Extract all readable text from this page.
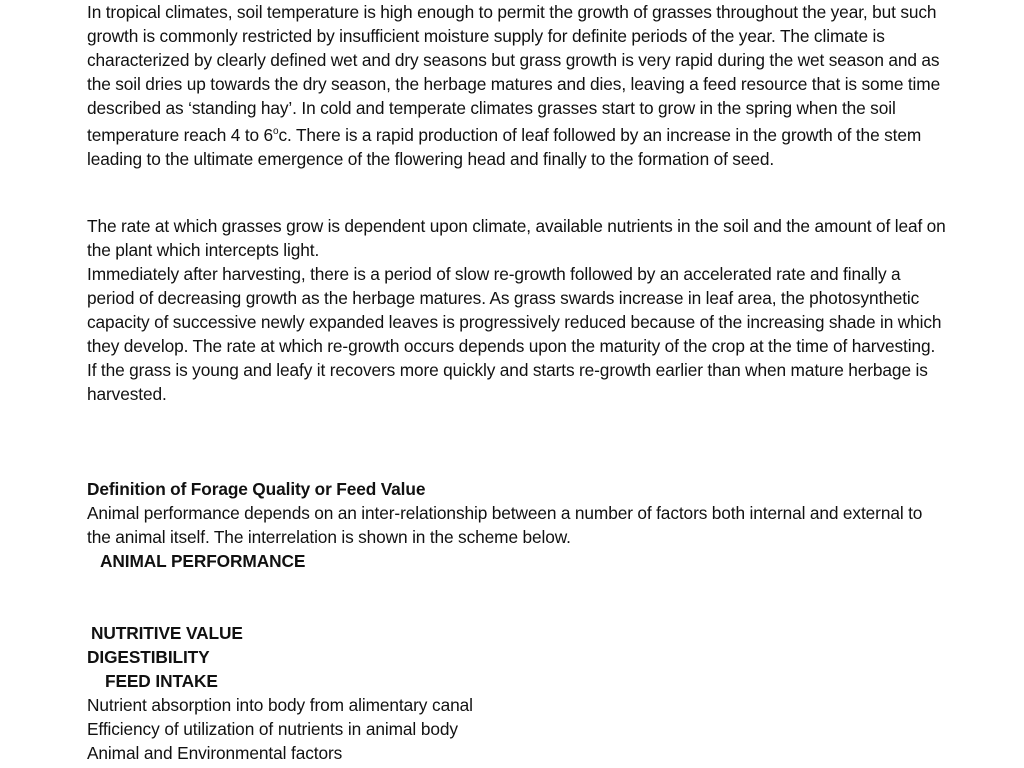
In tropical climates, soil temperature is high enough to permit the growth of grasses throughout the year, but such growth is commonly restricted by insufficient moisture supply for definite periods of the year. The climate is characterized by clearly defined wet and dry seasons but grass growth is very rapid during the wet season and as the soil dries up towards the dry season, the herbage matures and dies, leaving a feed resource that is some time described as ‘standing hay’. In cold and temperate climates grasses start to grow in the spring when the soil temperature reach 4 to 6$^o$c. There is a rapid production of leaf followed by an increase in the growth of the stem leading to the ultimate emergence of the flowering head and finally to the formation of seed.

The rate at which grasses grow is dependent upon climate, available nutrients in the soil and the amount of leaf on the plant which intercepts light.

Immediately after harvesting, there is a period of slow re-growth followed by an accelerated rate and finally a period of decreasing growth as the herbage matures. As grass swards increase in leaf area, the photosynthetic capacity of successive newly expanded leaves is progressively reduced because of the increasing shade in which they develop. The rate at which re-growth occurs depends upon the maturity of the crop at the time of harvesting. If the grass is young and leafy it recovers more quickly and starts re-growth earlier than when mature herbage is harvested.

Definition of Forage Quality or Feed Value

Animal performance depends on an inter-relationship between a number of factors both internal and external to the animal itself. The interrelation is shown in the scheme below.

ANIMAL PERFORMANCE
NUTRITIVE VALUE
DIGESTIBILITY
FEED INTAKE
Nutrient absorption into body from alimentary canal
Efficiency of utilization of nutrients in animal body
Animal and Environmental factors
